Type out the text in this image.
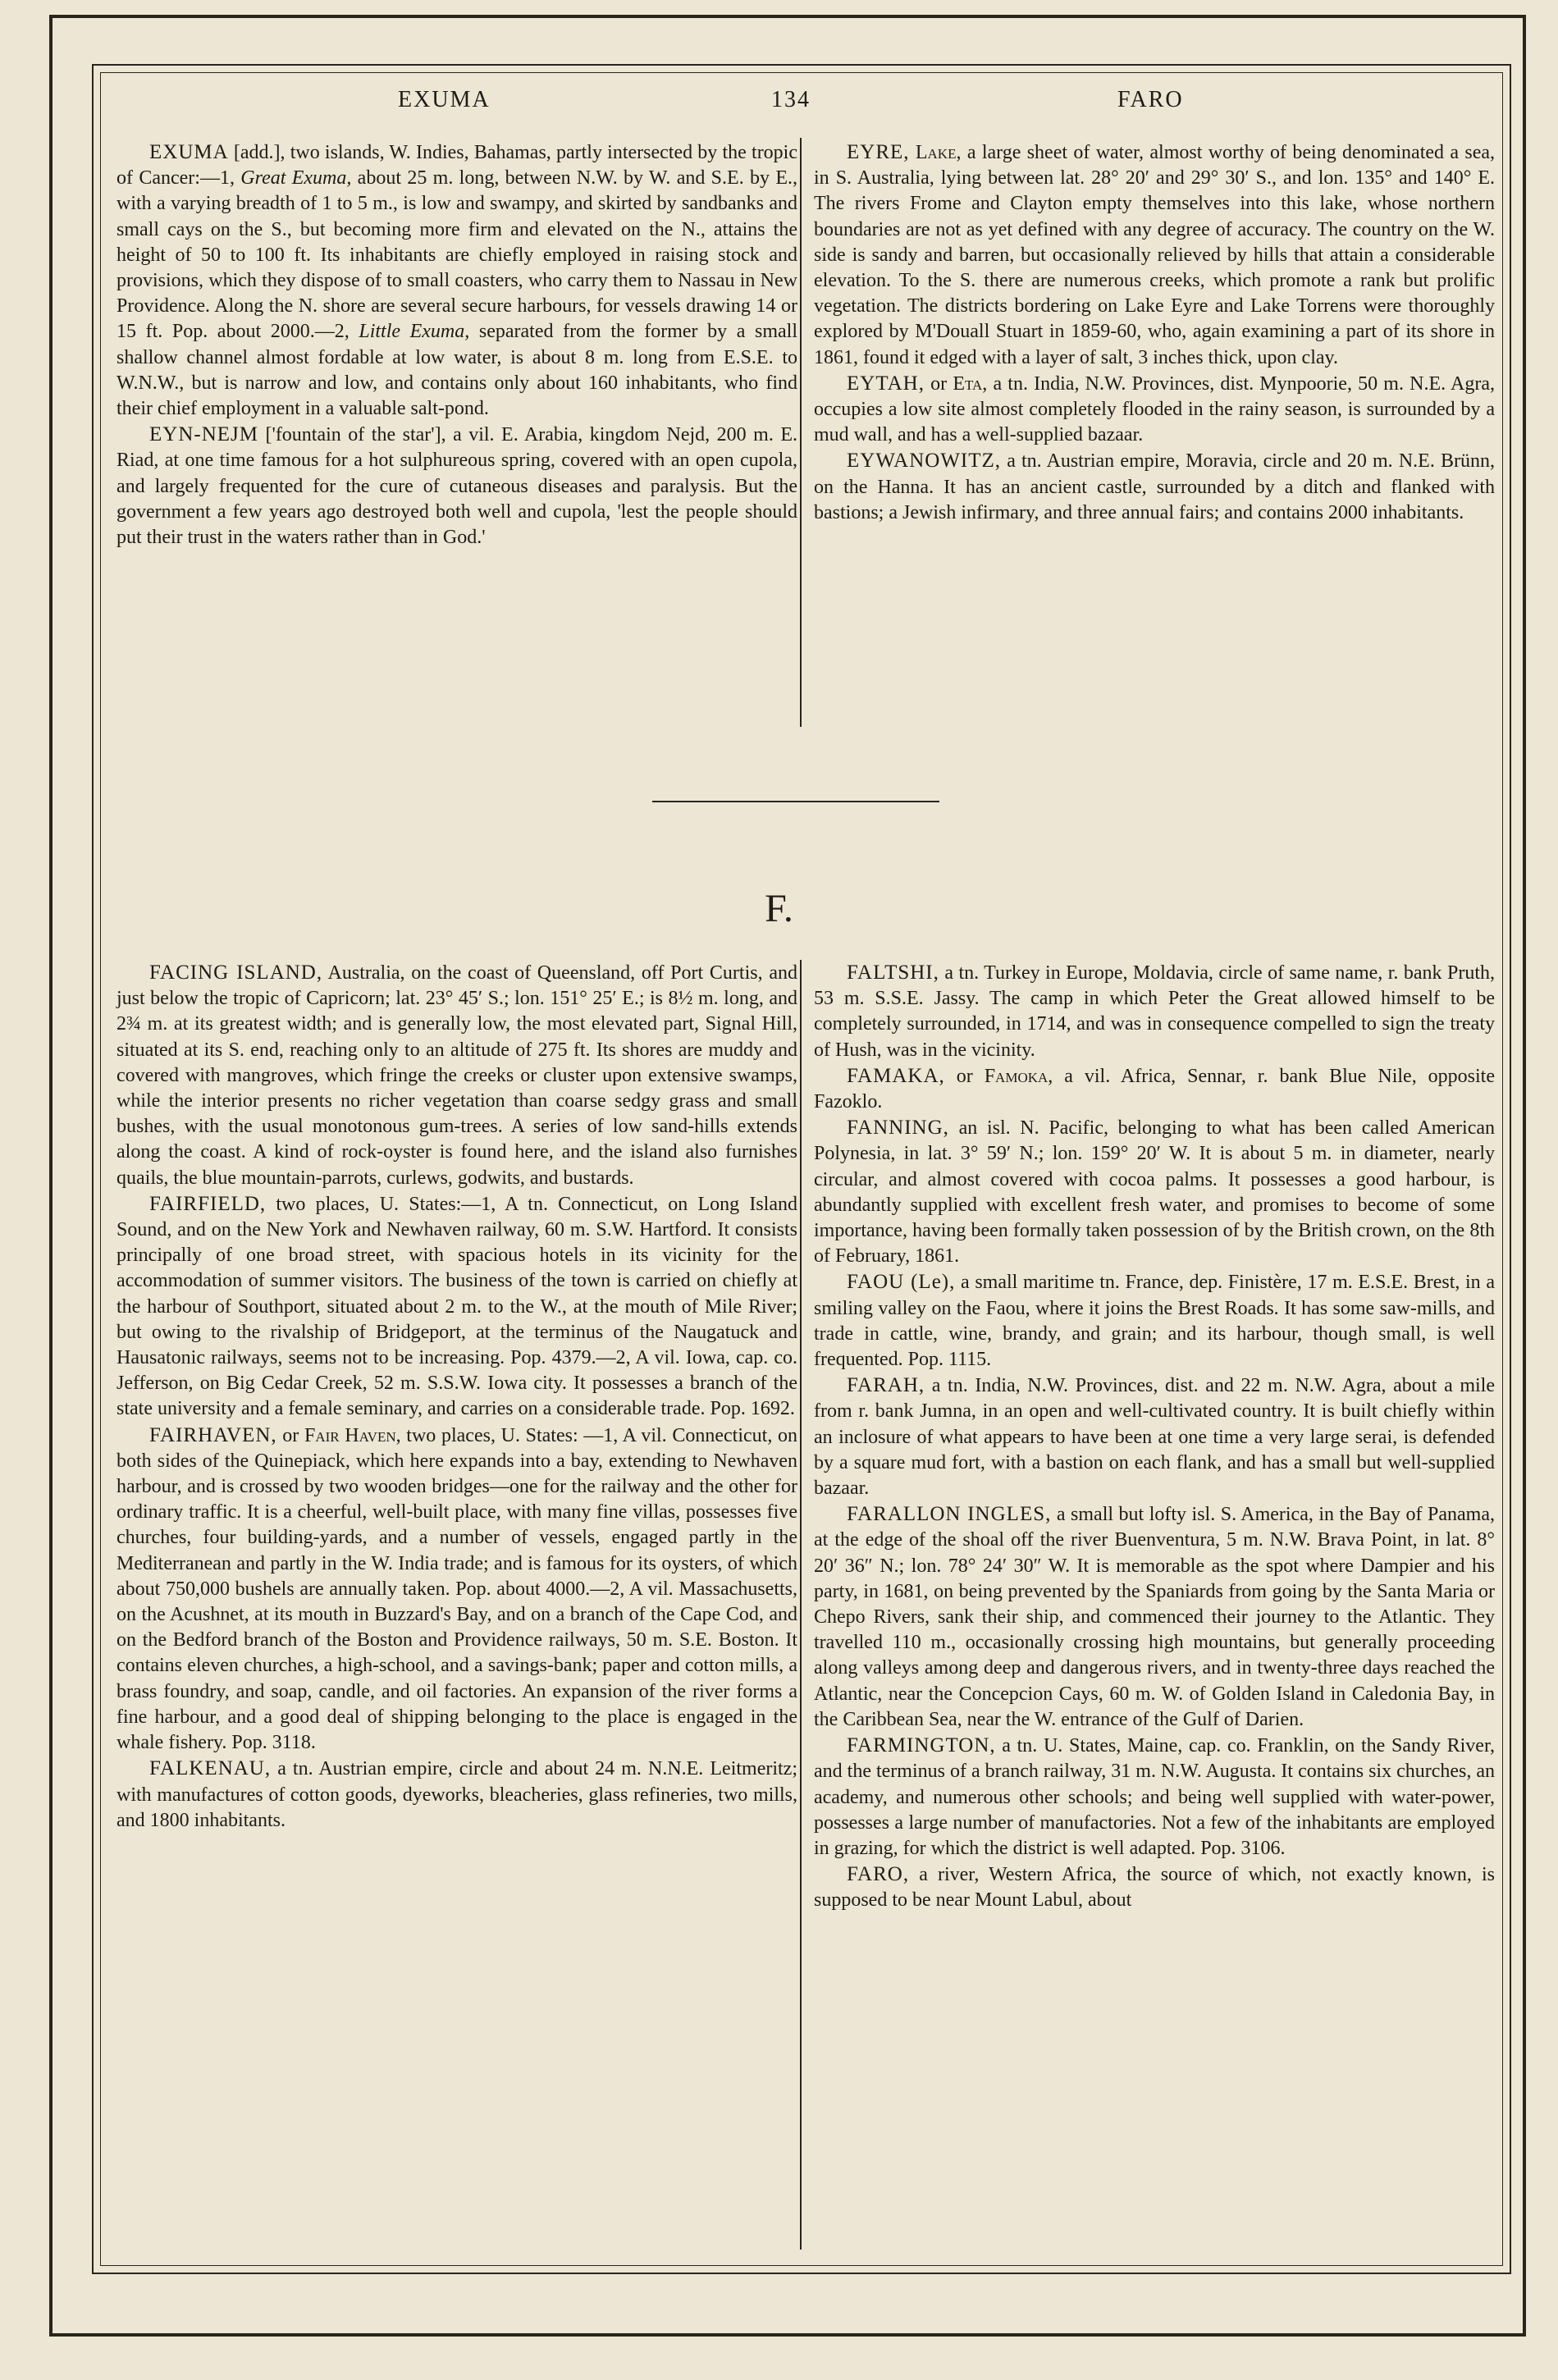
EXUMA	134	FARO

EXUMA [add.], two islands, W. Indies, Bahamas, partly intersected by the tropic of Cancer:—1, Great Exuma, about 25 m. long, between N.W. by W. and S.E. by E., with a varying breadth of 1 to 5 m., is low and swampy, and skirted by sandbanks and small cays on the S., but becoming more firm and elevated on the N., attains the height of 50 to 100 ft. Its inhabitants are chiefly employed in raising stock and provisions, which they dispose of to small coasters, who carry them to Nassau in New Providence. Along the N. shore are several secure harbours, for vessels drawing 14 or 15 ft. Pop. about 2000.—2, Little Exuma, separated from the former by a small shallow channel almost fordable at low water, is about 8 m. long from E.S.E. to W.N.W., but is narrow and low, and contains only about 160 inhabitants, who find their chief employment in a valuable salt-pond.

EYN-NEJM ['fountain of the star'], a vil. E. Arabia, kingdom Nejd, 200 m. E. Riad, at one time famous for a hot sulphureous spring, covered with an open cupola, and largely frequented for the cure of cutaneous diseases and paralysis. But the government a few years ago destroyed both well and cupola, 'lest the people should put their trust in the waters rather than in God.'

EYRE, Lake, a large sheet of water, almost worthy of being denominated a sea, in S. Australia, lying between lat. 28° 20′ and 29° 30′ S., and lon. 135° and 140° E. The rivers Frome and Clayton empty themselves into this lake, whose northern boundaries are not as yet defined with any degree of accuracy. The country on the W. side is sandy and barren, but occasionally relieved by hills that attain a considerable elevation. To the S. there are numerous creeks, which promote a rank but prolific vegetation. The districts bordering on Lake Eyre and Lake Torrens were thoroughly explored by M'Douall Stuart in 1859-60, who, again examining a part of its shore in 1861, found it edged with a layer of salt, 3 inches thick, upon clay.

EYTAH, or Eta, a tn. India, N.W. Provinces, dist. Mynpoorie, 50 m. N.E. Agra, occupies a low site almost completely flooded in the rainy season, is surrounded by a mud wall, and has a well-supplied bazaar.

EYWANOWITZ, a tn. Austrian empire, Moravia, circle and 20 m. N.E. Brünn, on the Hanna. It has an ancient castle, surrounded by a ditch and flanked with bastions; a Jewish infirmary, and three annual fairs; and contains 2000 inhabitants.

F.

FACING ISLAND, Australia, on the coast of Queensland, off Port Curtis, and just below the tropic of Capricorn; lat. 23° 45′ S.; lon. 151° 25′ E.; is 8½ m. long, and 2¾ m. at its greatest width; and is generally low, the most elevated part, Signal Hill, situated at its S. end, reaching only to an altitude of 275 ft. Its shores are muddy and covered with mangroves, which fringe the creeks or cluster upon extensive swamps, while the interior presents no richer vegetation than coarse sedgy grass and small bushes, with the usual monotonous gum-trees. A series of low sand-hills extends along the coast. A kind of rock-oyster is found here, and the island also furnishes quails, the blue mountain-parrots, curlews, godwits, and bustards.

FAIRFIELD, two places, U. States:—1, A tn. Connecticut, on Long Island Sound, and on the New York and Newhaven railway, 60 m. S.W. Hartford. It consists principally of one broad street, with spacious hotels in its vicinity for the accommodation of summer visitors. The business of the town is carried on chiefly at the harbour of Southport, situated about 2 m. to the W., at the mouth of Mile River; but owing to the rivalship of Bridgeport, at the terminus of the Naugatuck and Hausatonic railways, seems not to be increasing. Pop. 4379.—2, A vil. Iowa, cap. co. Jefferson, on Big Cedar Creek, 52 m. S.S.W. Iowa city. It possesses a branch of the state university and a female seminary, and carries on a considerable trade. Pop. 1692.

FAIRHAVEN, or Fair Haven, two places, U. States: —1, A vil. Connecticut, on both sides of the Quinepiack, which here expands into a bay, extending to Newhaven harbour, and is crossed by two wooden bridges—one for the railway and the other for ordinary traffic. It is a cheerful, well-built place, with many fine villas, possesses five churches, four building-yards, and a number of vessels, engaged partly in the Mediterranean and partly in the W. India trade; and is famous for its oysters, of which about 750,000 bushels are annually taken. Pop. about 4000.—2, A vil. Massachusetts, on the Acushnet, at its mouth in Buzzard's Bay, and on a branch of the Cape Cod, and on the Bedford branch of the Boston and Providence railways, 50 m. S.E. Boston. It contains eleven churches, a high-school, and a savings-bank; paper and cotton mills, a brass foundry, and soap, candle, and oil factories. An expansion of the river forms a fine harbour, and a good deal of shipping belonging to the place is engaged in the whale fishery. Pop. 3118.

FALKENAU, a tn. Austrian empire, circle and about 24 m. N.N.E. Leitmeritz; with manufactures of cotton goods, dyeworks, bleacheries, glass refineries, two mills, and 1800 inhabitants.

FALTSHI, a tn. Turkey in Europe, Moldavia, circle of same name, r. bank Pruth, 53 m. S.S.E. Jassy. The camp in which Peter the Great allowed himself to be completely surrounded, in 1714, and was in consequence compelled to sign the treaty of Hush, was in the vicinity.

FAMAKA, or Famoka, a vil. Africa, Sennar, r. bank Blue Nile, opposite Fazoklo.

FANNING, an isl. N. Pacific, belonging to what has been called American Polynesia, in lat. 3° 59′ N.; lon. 159° 20′ W. It is about 5 m. in diameter, nearly circular, and almost covered with cocoa palms. It possesses a good harbour, is abundantly supplied with excellent fresh water, and promises to become of some importance, having been formally taken possession of by the British crown, on the 8th of February, 1861.

FAOU (Le), a small maritime tn. France, dep. Finistère, 17 m. E.S.E. Brest, in a smiling valley on the Faou, where it joins the Brest Roads. It has some saw-mills, and trade in cattle, wine, brandy, and grain; and its harbour, though small, is well frequented. Pop. 1115.

FARAH, a tn. India, N.W. Provinces, dist. and 22 m. N.W. Agra, about a mile from r. bank Jumna, in an open and well-cultivated country. It is built chiefly within an inclosure of what appears to have been at one time a very large serai, is defended by a square mud fort, with a bastion on each flank, and has a small but well-supplied bazaar.

FARALLON INGLES, a small but lofty isl. S. America, in the Bay of Panama, at the edge of the shoal off the river Buenventura, 5 m. N.W. Brava Point, in lat. 8° 20′ 36″ N.; lon. 78° 24′ 30″ W. It is memorable as the spot where Dampier and his party, in 1681, on being prevented by the Spaniards from going by the Santa Maria or Chepo Rivers, sank their ship, and commenced their journey to the Atlantic. They travelled 110 m., occasionally crossing high mountains, but generally proceeding along valleys among deep and dangerous rivers, and in twenty-three days reached the Atlantic, near the Concepcion Cays, 60 m. W. of Golden Island in Caledonia Bay, in the Caribbean Sea, near the W. entrance of the Gulf of Darien.

FARMINGTON, a tn. U. States, Maine, cap. co. Franklin, on the Sandy River, and the terminus of a branch railway, 31 m. N.W. Augusta. It contains six churches, an academy, and numerous other schools; and being well supplied with water-power, possesses a large number of manufactories. Not a few of the inhabitants are employed in grazing, for which the district is well adapted. Pop. 3106.

FARO, a river, Western Africa, the source of which, not exactly known, is supposed to be near Mount Labul, about
